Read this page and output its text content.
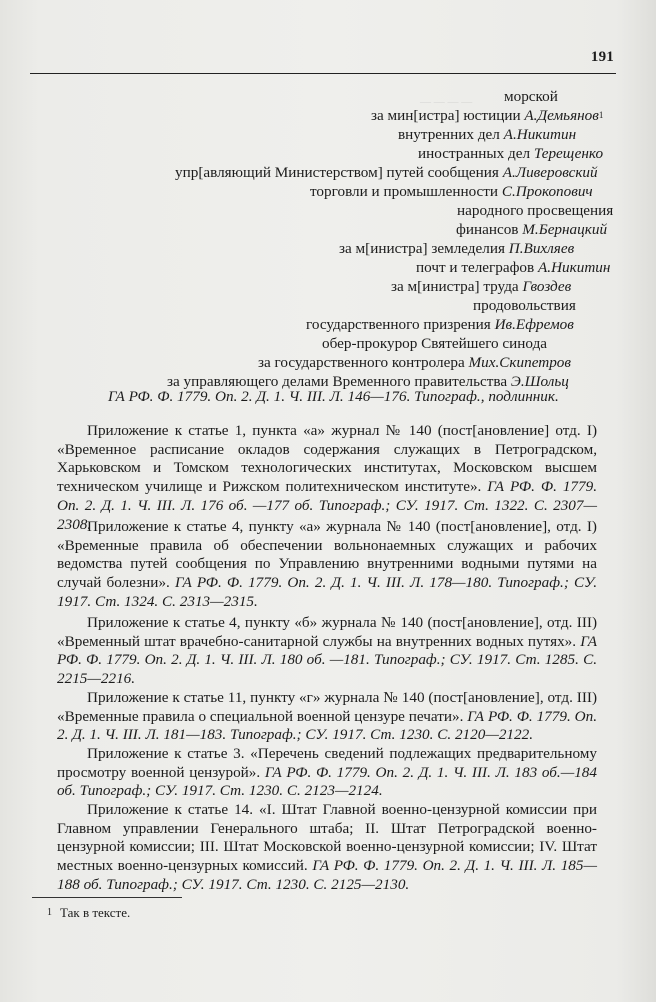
191
— — — — морской
за мин[истра] юстиции А.Демьянов$^1$
внутренних дел А.Никитин
иностранных дел Терещенко
упр[авляющий Министерством] путей сообщения А.Ливеровский
торговли и промышленности С.Прокопович
народного просвещения
финансов М.Бернацкий
за м[инистра] земледелия П.Вихляев
почт и телеграфов А.Никитин
за м[инистра] труда Гвоздев
продовольствия
государственного призрения Ив.Ефремов
обер-прокурор Святейшего синода
за государственного контролера Мих.Скипетров
за управляющего делами Временного правительства Э.Шольц
ГА РФ. Ф. 1779. Оп. 2. Д. 1. Ч. III. Л. 146—176. Типограф., подлинник.
Приложение к статье 1, пункта «а» журнал № 140 (пост[ановление] отд. I) «Временное расписание окладов содержания служащих в Петроградском, Харьковском и Томском технологических институтах, Московском высшем техническом училище и Рижском политехническом институте». ГА РФ. Ф. 1779. Оп. 2. Д. 1. Ч. III. Л. 176 об. —177 об. Типограф.; СУ. 1917. Ст. 1322. С. 2307—2308.
Приложение к статье 4, пункту «а» журнала № 140 (пост[ановление], отд. I) «Временные правила об обеспечении вольнонаемных служащих и рабочих ведомства путей сообщения по Управлению внутренними водными путями на случай болезни». ГА РФ. Ф. 1779. Оп. 2. Д. 1. Ч. III. Л. 178—180. Типограф.; СУ. 1917. Ст. 1324. С. 2313—2315.
Приложение к статье 4, пункту «б» журнала № 140 (пост[ановление], отд. III) «Временный штат врачебно-санитарной службы на внутренних водных путях». ГА РФ. Ф. 1779. Оп. 2. Д. 1. Ч. III. Л. 180 об. —181. Типограф.; СУ. 1917. Ст. 1285. С. 2215—2216.
Приложение к статье 11, пункту «г» журнала № 140 (пост[ановление], отд. III) «Временные правила о специальной военной цензуре печати». ГА РФ. Ф. 1779. Оп. 2. Д. 1. Ч. III. Л. 181—183. Типограф.; СУ. 1917. Ст. 1230. С. 2120—2122.
Приложение к статье 3. «Перечень сведений подлежащих предварительному просмотру военной цензурой». ГА РФ. Ф. 1779. Оп. 2. Д. 1. Ч. III. Л. 183 об.—184 об. Типограф.; СУ. 1917. Ст. 1230. С. 2123—2124.
Приложение к статье 14. «I. Штат Главной военно-цензурной комиссии при Главном управлении Генерального штаба; II. Штат Петроградской военно-цензурной комиссии; III. Штат Московской военно-цензурной комиссии; IV. Штат местных военно-цензурных комиссий. ГА РФ. Ф. 1779. Оп. 2. Д. 1. Ч. III. Л. 185—188 об. Типограф.; СУ. 1917. Ст. 1230. С. 2125—2130.
$^1$ Так в тексте.
